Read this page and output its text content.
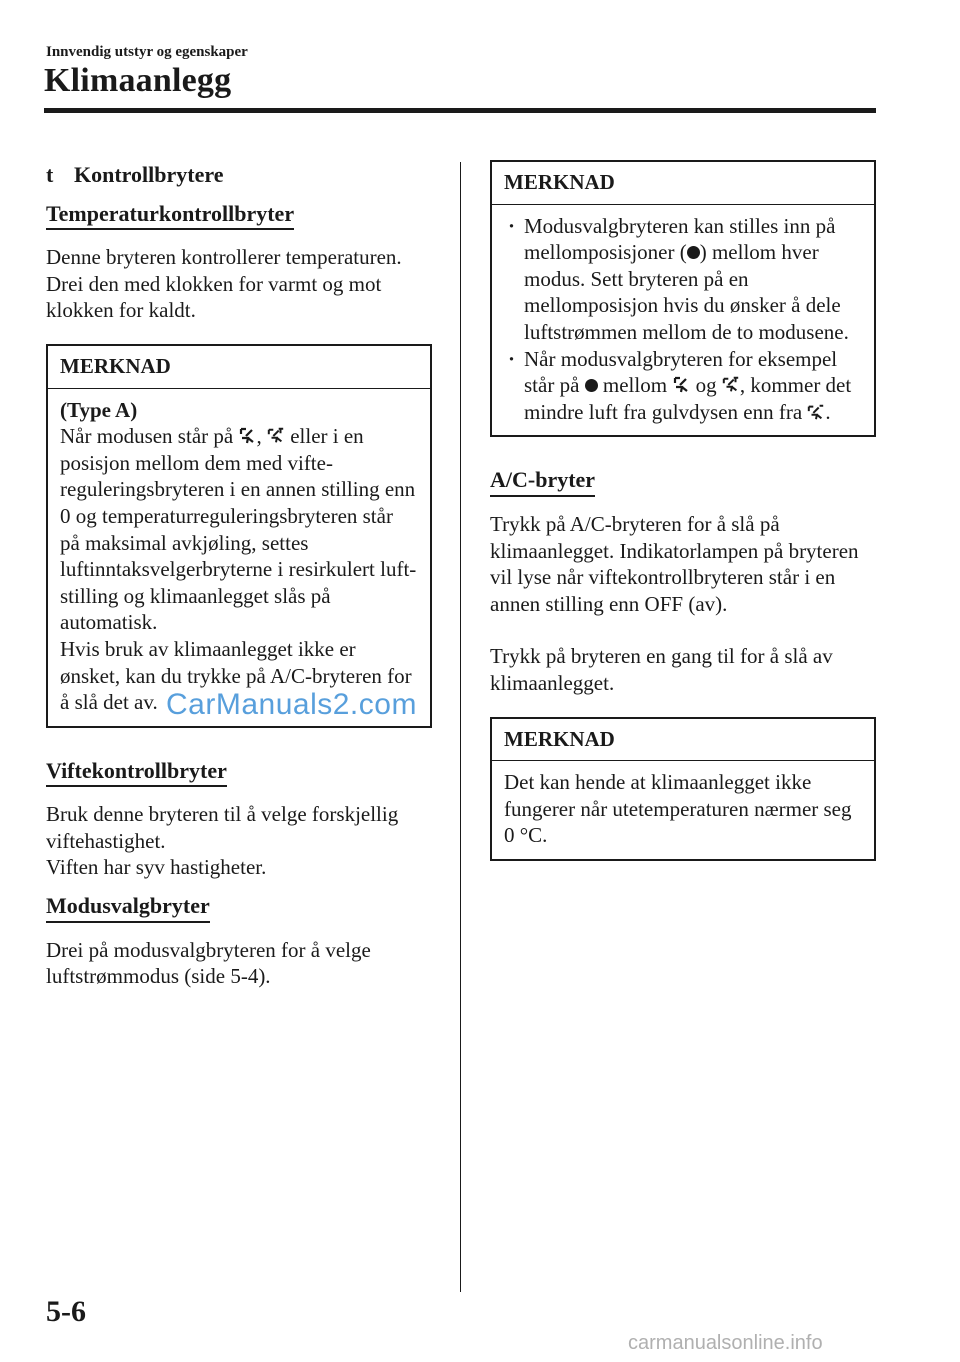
Innvendig utstyr og egenskaper
Klimaanlegg
t Kontrollbrytere
Temperaturkontrollbryter

Denne bryteren kontrollerer temperaturen. Drei den med klokken for varmt og mot klokken for kaldt.

MERKNAD

(Type A)

Når modusen står på , eller i en posisjon mellom dem med viftereguleringsbryteren i en annen stilling enn 0 og temperaturreguleringsbryteren står på maksimal avkjøling, settes luftinntaksvelgerbryterne i resirkulert luft-stilling og klimaanlegget slås på automatisk.

Hvis bruk av klimaanlegget ikke er ønsket, kan du trykke på A/C-bryteren for å slå det av.

Viftekontrollbryter

Bruk denne bryteren til å velge forskjellig viftehastighet.

Viften har syv hastigheter.

Modusvalgbryter

Drei på modusvalgbryteren for å velge luftstrømmodus (side 5-4).

MERKNAD
· Modusvalgbryteren kan stilles inn på mellomposisjoner ( ) mellom hver modus. Sett bryteren på en mellomposisjon hvis du ønsker å dele luftstrømmen mellom de to modusene.
· Når modusvalgbryteren for eksempel står på mellom og , kommer det mindre luft fra gulvdysen enn fra .
A/C-bryter

Trykk på A/C-bryteren for å slå på klimaanlegget. Indikatorlampen på bryteren vil lyse når viftekontrollbryteren står i en annen stilling enn OFF (av).

Trykk på bryteren en gang til for å slå av klimaanlegget.

MERKNAD

Det kan hende at klimaanlegget ikke fungerer når utetemperaturen nærmer seg 0 °C.

CarManuals2.com
5-6
carmanualsonline.info
